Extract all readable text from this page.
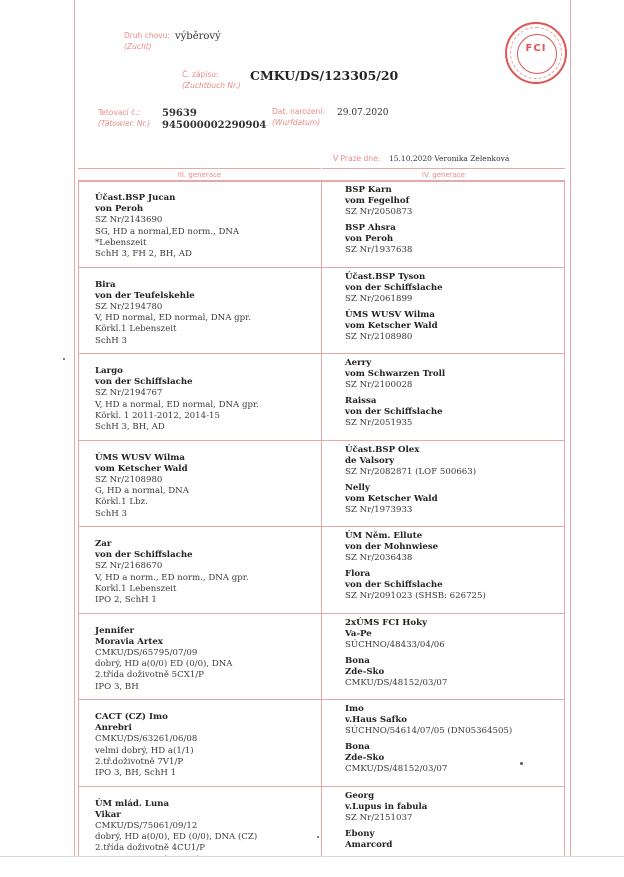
Druh chovu:
(Zucht)
výběrový
Č. zápisu:
(Zuchtbuch Nr.)
CMKU/DS/123305/20
Tetovací č.:
(Tätowier. Nr.)
59639
945000002290904
Dat. narození:
(Wurfdatum)
29.07.2020
V Praze dne: 15.10.2020 Veronika Zelenková
FCI
III. generace	IV. generace
Účast.BSP Jucan
von Peroh
SZ Nr/2143690
SG, HD a normal,ED norm., DNA
*Lebenszeit
SchH 3, FH 2, BH, AD
BSP Karn
vom Fegelhof
SZ Nr/2050873
BSP Ahsra
von Peroh
SZ Nr/1937638
Bira
von der Teufelskehle
SZ Nr/2194780
V, HD normal, ED normal, DNA gpr.
Körkl.1 Lebenszeit
SchH 3
Účast.BSP Tyson
von der Schiffslache
SZ Nr/2061899
ÚMS WUSV Wilma
vom Ketscher Wald
SZ Nr/2108980
Largo
von der Schiffslache
SZ Nr/2194767
V, HD a normal, ED normal, DNA gpr.
Körkl. 1 2011-2012, 2014-15
SchH 3, BH, AD
Aerry
vom Schwarzen Troll
SZ Nr/2100028
Raissa
von der Schiffslache
SZ Nr/2051935
ÚMS WUSV Wilma
vom Ketscher Wald
SZ Nr/2108980
G, HD a normal, DNA
Körkl.1 Lbz.
SchH 3
Účast.BSP Olex
de Valsory
SZ Nr/2082871 (LOF 500663)
Nelly
vom Ketscher Wald
SZ Nr/1973933
Zar
von der Schiffslache
SZ Nr/2168670
V, HD a norm., ED norm., DNA gpr.
Korkl.1 Lebenszeit
IPO 2, SchH 1
ÚM Něm. Ellute
von der Mohnwiese
SZ Nr/2036438
Flora
von der Schiffslache
SZ Nr/2091023 (SHSB: 626725)
Jennifer
Moravia Artex
CMKU/DS/65795/07/09
dobrý, HD a(0/0) ED (0/0), DNA
2.třída doživotně 5CX1/P
IPO 3, BH
2xÚMS FCI Hoky
Va-Pe
SÚCHNO/48433/04/06
Bona
Zde-Sko
CMKU/DS/48152/03/07
CACT (CZ) Imo
Anrebri
CMKU/DS/63261/06/08
velmi dobrý, HD a(1/1)
2.tř.doživotně 7V1/P
IPO 3, BH, SchH 1
Imo
v.Haus Safko
SÚCHNO/54614/07/05 (DN05364505)
Bona
Zde-Sko
CMKU/DS/48152/03/07
ÚM mlád. Luna
Vikar
CMKU/DS/75061/09/12
dobrý, HD a(0/0), ED (0/0), DNA (CZ)
2.třída doživotně 4CU1/P
Georg
v.Lupus in fabula
SZ Nr/2151037
Ebony
Amarcord
